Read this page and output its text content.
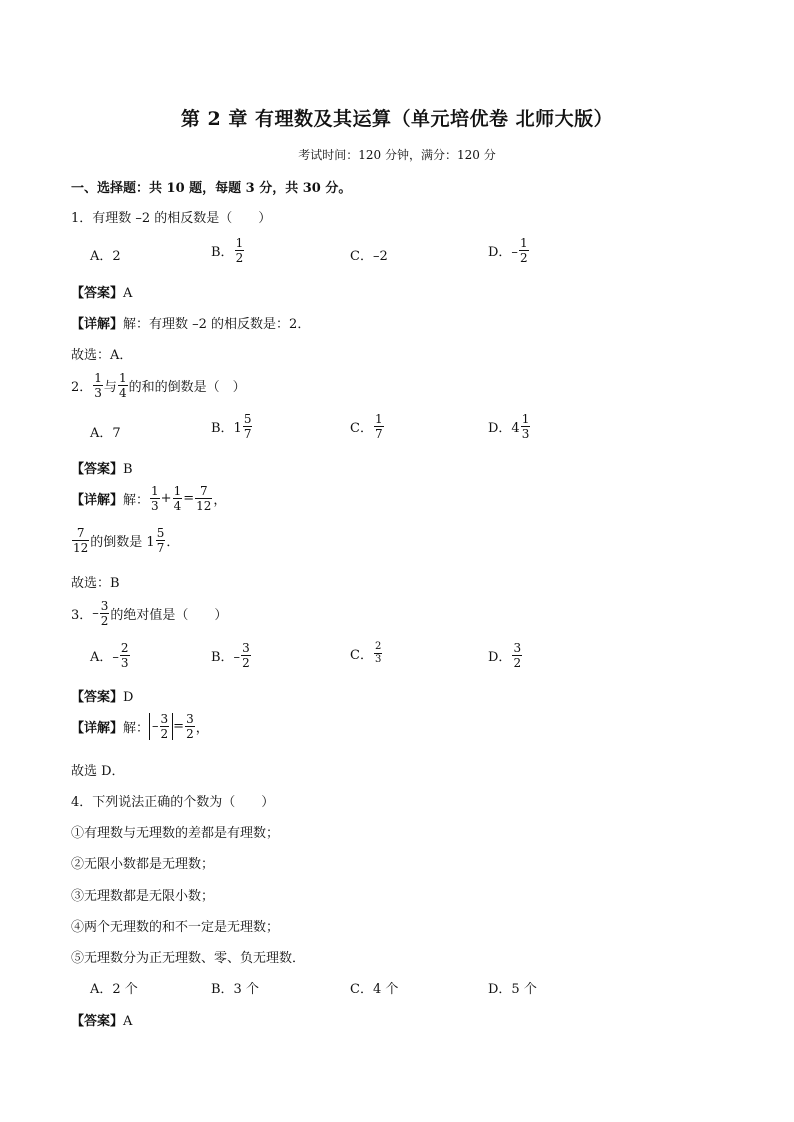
第 2 章 有理数及其运算（单元培优卷 北师大版）
考试时间：120 分钟，满分：120 分
一、选择题：共 10 题，每题 3 分，共 30 分。
1．有理数 –2 的相反数是（　　）
A．2	B． $\frac{1}{2}$	C．–2	D．– $\frac{1}{2}$
【答案】A
【详解】解：有理数 –2 的相反数是：2．
故选：A．
2． $\frac{1}{3}$ 与 $\frac{1}{4}$ 的和的倒数是（　）
A．7	B．$1 \frac{5}{7}$	C． $\frac{1}{7}$	D．$4 \frac{1}{3}$
【答案】B
【详解】 解： $\frac{1}{3} + \frac{1}{4} = \frac{7}{12}$ ，
$\frac{7}{12}$ 的倒数是 $1 \frac{5}{7}$ ．
故选：B
3． – $\frac{3}{2}$ 的绝对值是（　　）
A．– $\frac{2}{3}$	B．– $\frac{3}{2}$	C． $\frac{2}{3}$	D． $\frac{3}{2}$
【答案】D
【详解】 解： – $\frac{3}{2} = \frac{3}{2}$ ，
故选 D．
4．下列说法正确的个数为（　　）
①有理数与无理数的差都是有理数；
②无限小数都是无理数；
③无理数都是无限小数；
④两个无理数的和不一定是无理数；
⑤无理数分为正无理数、零、负无理数．
A．2 个	B．3 个	C．4 个	D．5 个
【答案】A
